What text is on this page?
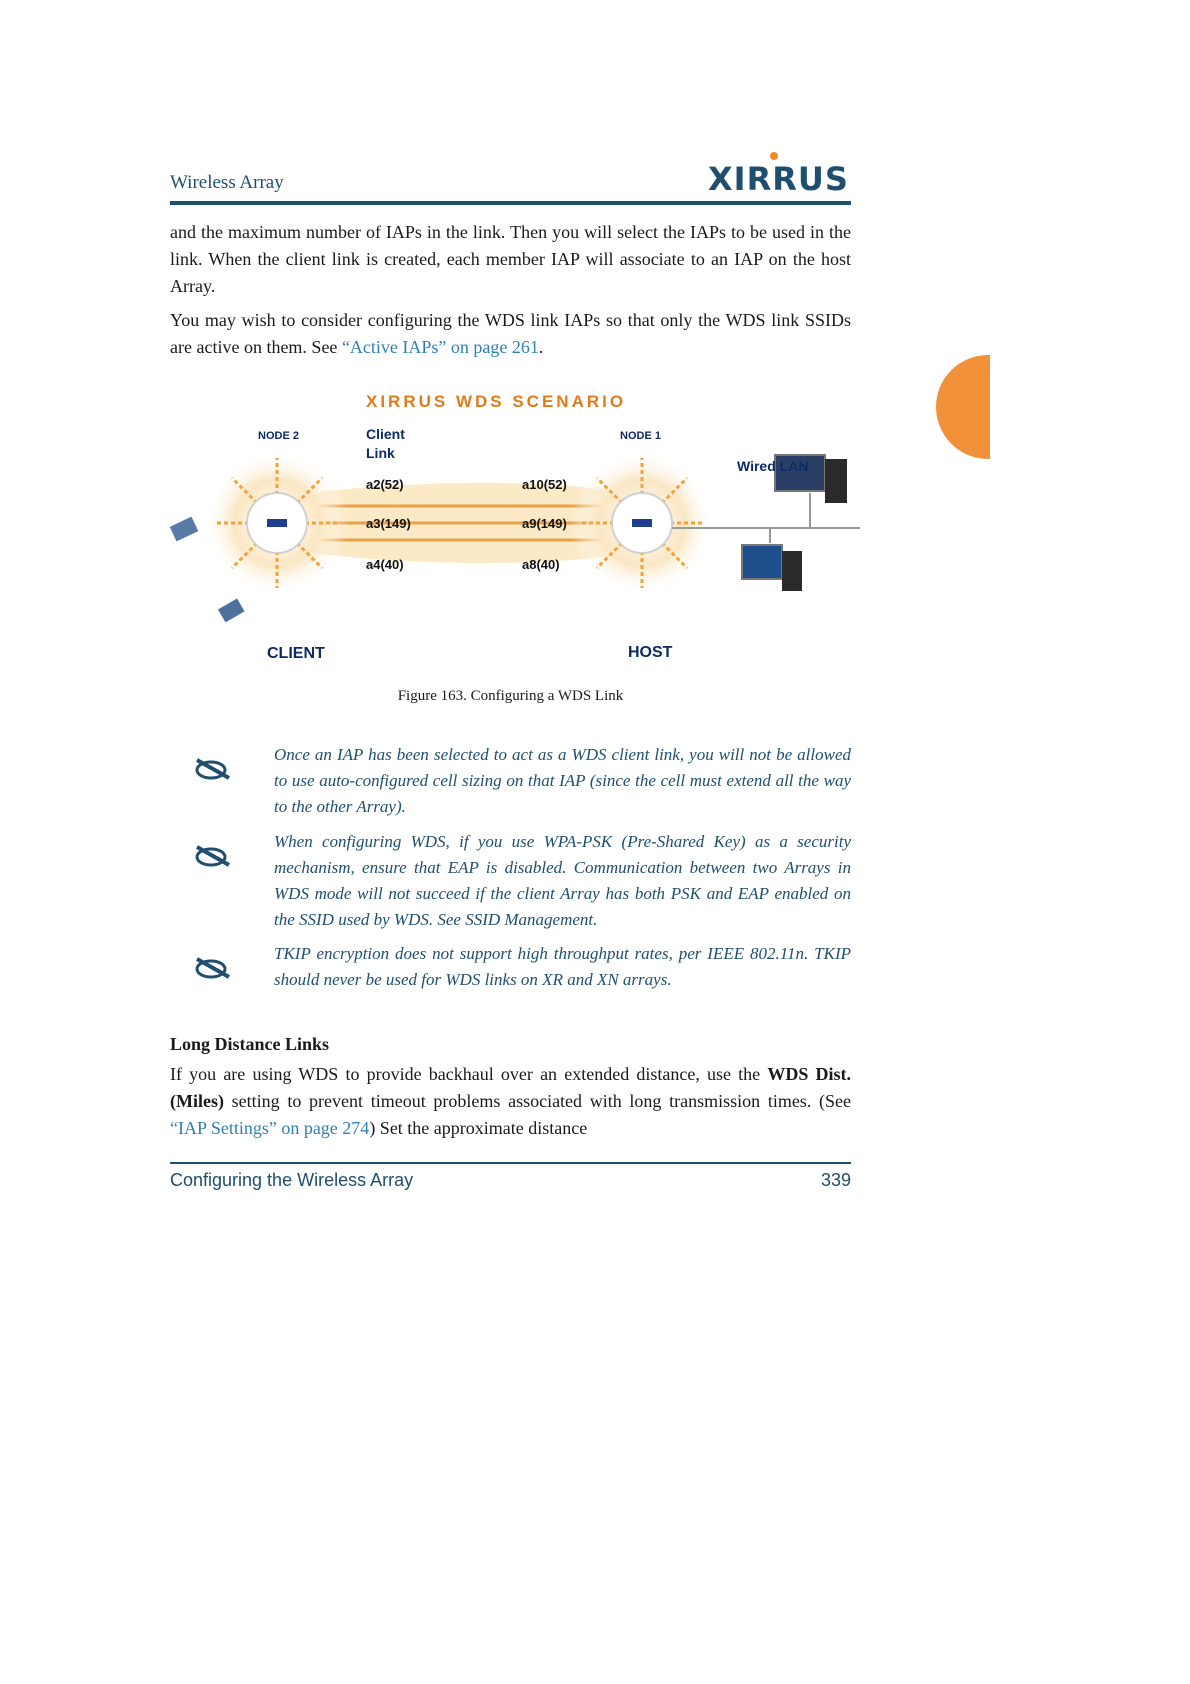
Wireless Array	XIRRUS
and the maximum number of IAPs in the link. Then you will select the IAPs to be used in the link. When the client link is created, each member IAP will associate to an IAP on the host Array.
You may wish to consider configuring the WDS link IAPs so that only the WDS link SSIDs are active on them. See “Active IAPs” on page 261.
XIRRUS WDS SCENARIO
NODE 2	NODE 1
Client
Link
Wired LAN
a2(52)
a3(149)
a4(40)
a10(52)
a9(149)
a8(40)
CLIENT	HOST
Figure 163. Configuring a WDS Link
Once an IAP has been selected to act as a WDS client link, you will not be allowed to use auto-configured cell sizing on that IAP (since the cell must extend all the way to the other Array).
When configuring WDS, if you use WPA-PSK (Pre-Shared Key) as a security mechanism, ensure that EAP is disabled. Communication between two Arrays in WDS mode will not succeed if the client Array has both PSK and EAP enabled on the SSID used by WDS. See SSID Management.
TKIP encryption does not support high throughput rates, per IEEE 802.11n. TKIP should never be used for WDS links on XR and XN arrays.
Long Distance Links
If you are using WDS to provide backhaul over an extended distance, use the WDS Dist. (Miles) setting to prevent timeout problems associated with long transmission times. (See “IAP Settings” on page 274) Set the approximate distance
Configuring the Wireless Array	339
